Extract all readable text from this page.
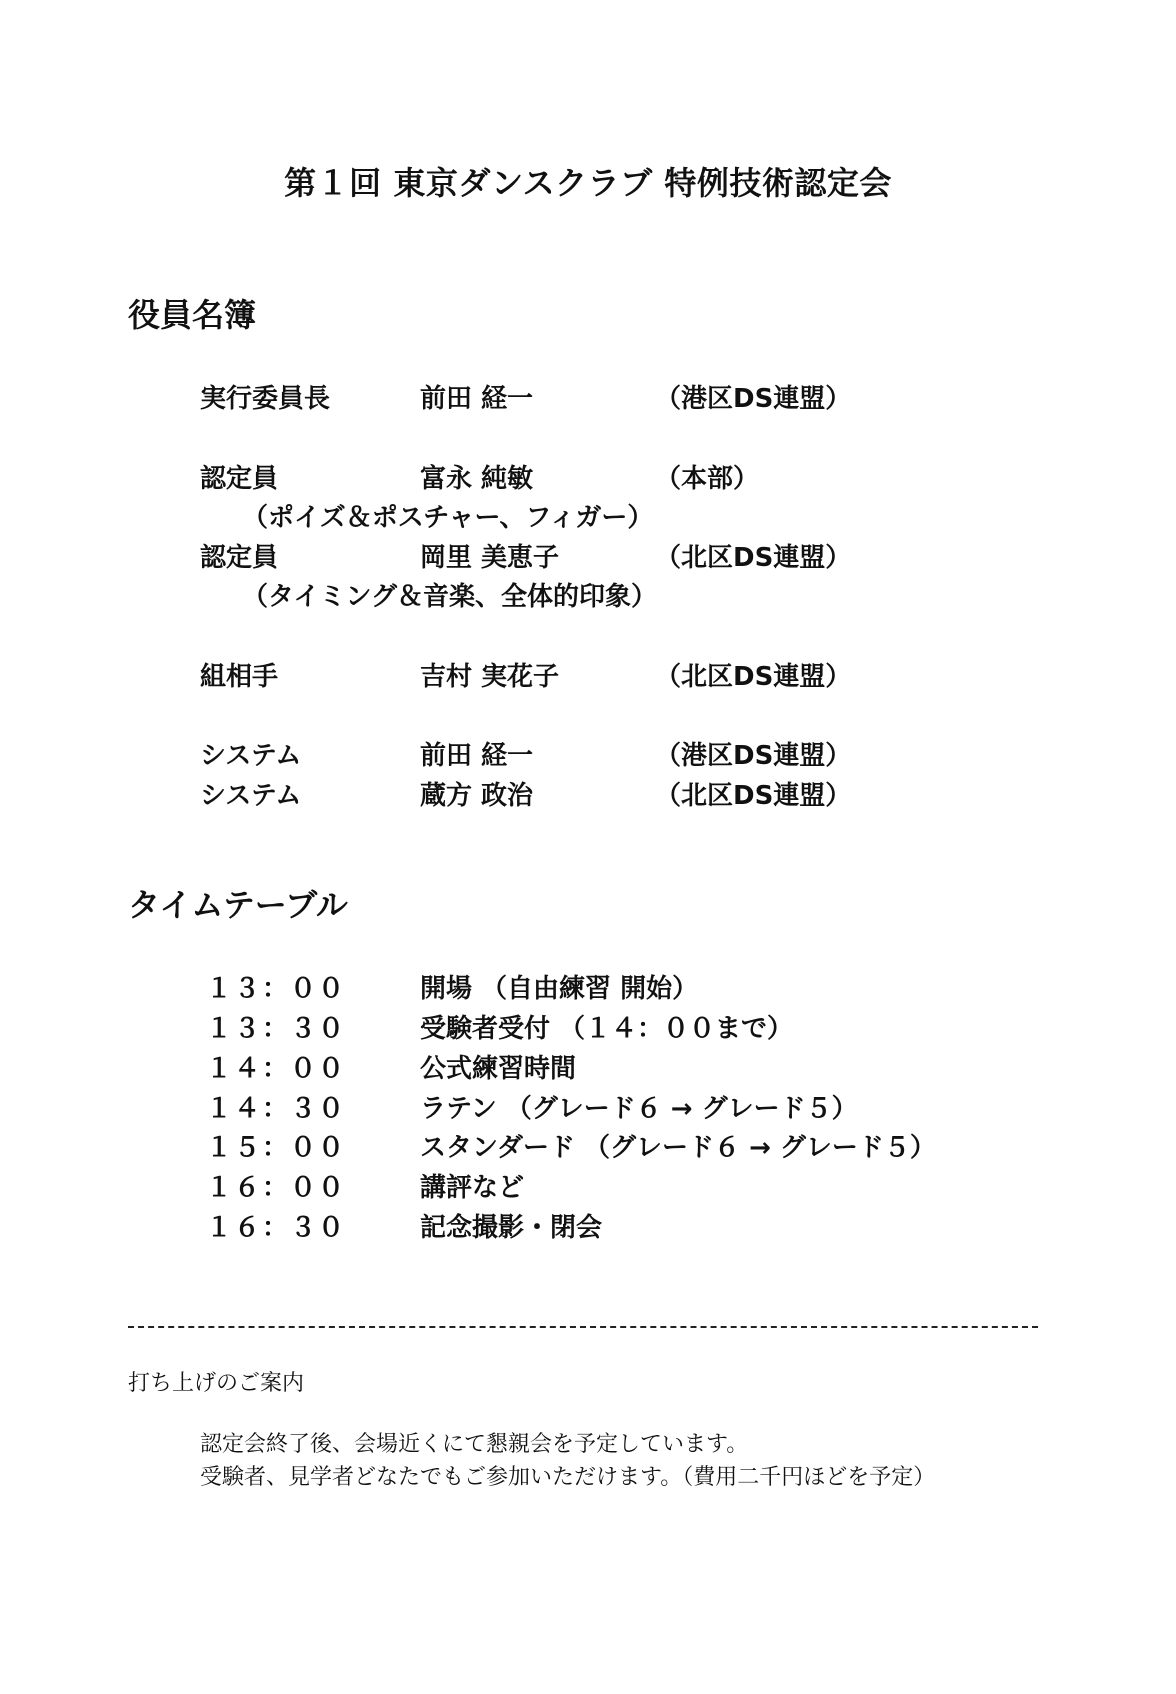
第１回 東京ダンスクラブ 特例技術認定会
役員名簿
実行委員長	前田 経一	（港区DS連盟）
認定員	富永 純敏	（本部）
（ポイズ＆ポスチャー、フィガー）
認定員	岡里 美恵子	（北区DS連盟）
（タイミング＆音楽、全体的印象）
組相手	吉村 実花子	（北区DS連盟）
システム	前田 経一	（港区DS連盟）
システム	蔵方 政治	（北区DS連盟）
タイムテーブル
１３：００	開場 （自由練習 開始）
１３：３０	受験者受付 （１４：００まで）
１４：００	公式練習時間
１４：３０	ラテン （グレード６ → グレード５）
１５：００	スタンダード （グレード６ → グレード５）
１６：００	講評など
１６：３０	記念撮影・閉会
打ち上げのご案内
認定会終了後、会場近くにて懇親会を予定しています。
受験者、見学者どなたでもご参加いただけます。（費用二千円ほどを予定）
